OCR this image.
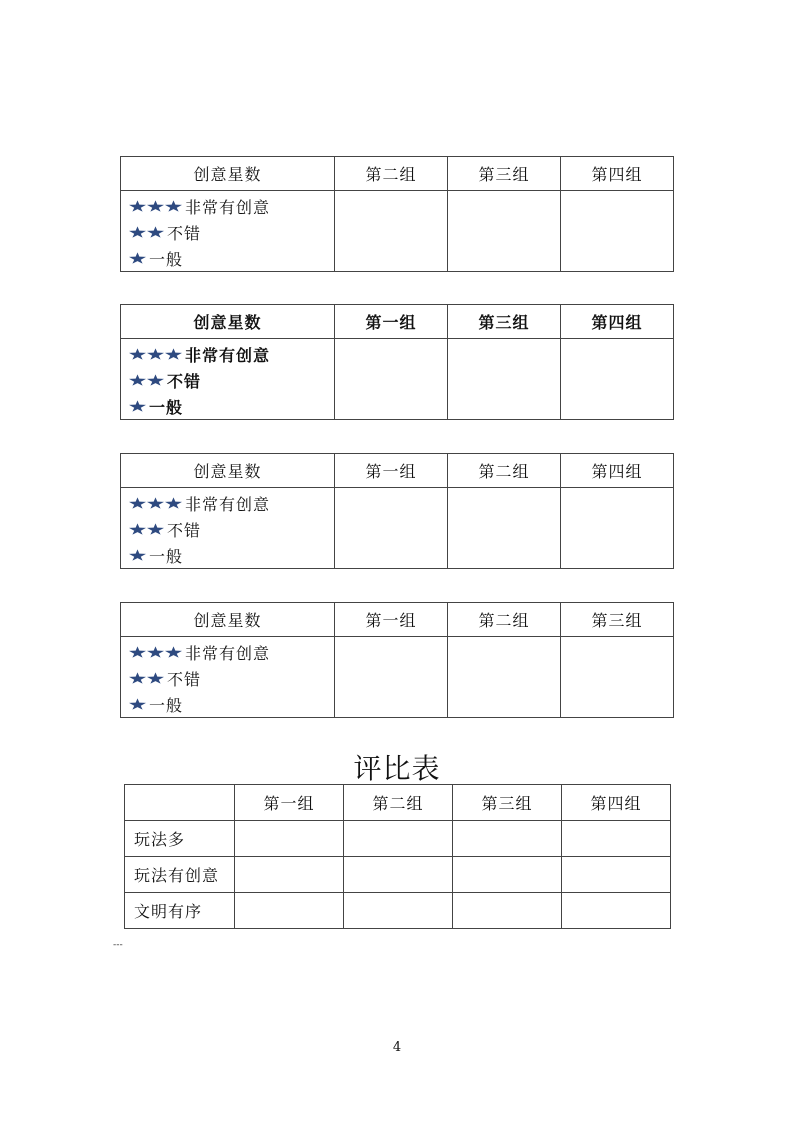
创意星数	第二组	第三组	第四组

非常有创意
不错
一般			

创意星数	第一组	第三组	第四组

非常有创意
不错
一般			

创意星数	第一组	第二组	第四组

非常有创意
不错
一般			

创意星数	第一组	第二组	第三组

非常有创意
不错
一般			

评比表
	第一组	第二组	第三组	第四组
玩法多				
玩法有创意				
文明有序				
---
4
